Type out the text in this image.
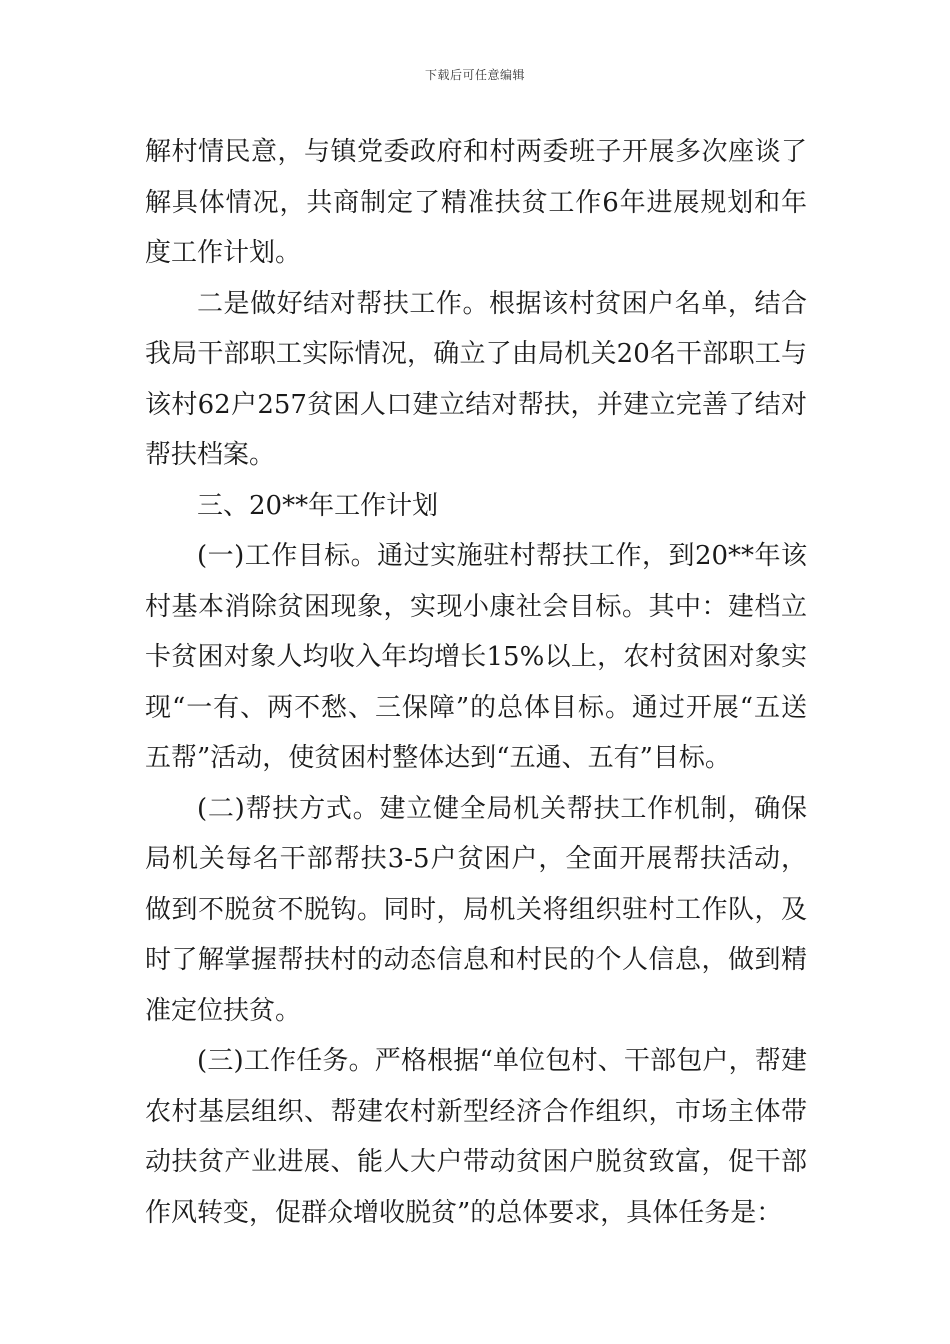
下载后可任意编辑

解村情民意，与镇党委政府和村两委班子开展多次座谈了解具体情况，共商制定了精准扶贫工作6年进展规划和年度工作计划。

二是做好结对帮扶工作。根据该村贫困户名单，结合我局干部职工实际情况，确立了由局机关20名干部职工与该村62户257贫困人口建立结对帮扶，并建立完善了结对帮扶档案。

三、20**年工作计划

(一)工作目标。通过实施驻村帮扶工作，到20**年该村基本消除贫困现象，实现小康社会目标。其中：建档立卡贫困对象人均收入年均增长15%以上，农村贫困对象实现“一有、两不愁、三保障”的总体目标。通过开展“五送五帮”活动，使贫困村整体达到“五通、五有”目标。

(二)帮扶方式。建立健全局机关帮扶工作机制，确保局机关每名干部帮扶3-5户贫困户，全面开展帮扶活动，做到不脱贫不脱钩。同时，局机关将组织驻村工作队，及时了解掌握帮扶村的动态信息和村民的个人信息，做到精准定位扶贫。

(三)工作任务。严格根据“单位包村、干部包户，帮建农村基层组织、帮建农村新型经济合作组织，市场主体带动扶贫产业进展、能人大户带动贫困户脱贫致富，促干部作风转变，促群众增收脱贫”的总体要求，具体任务是：
